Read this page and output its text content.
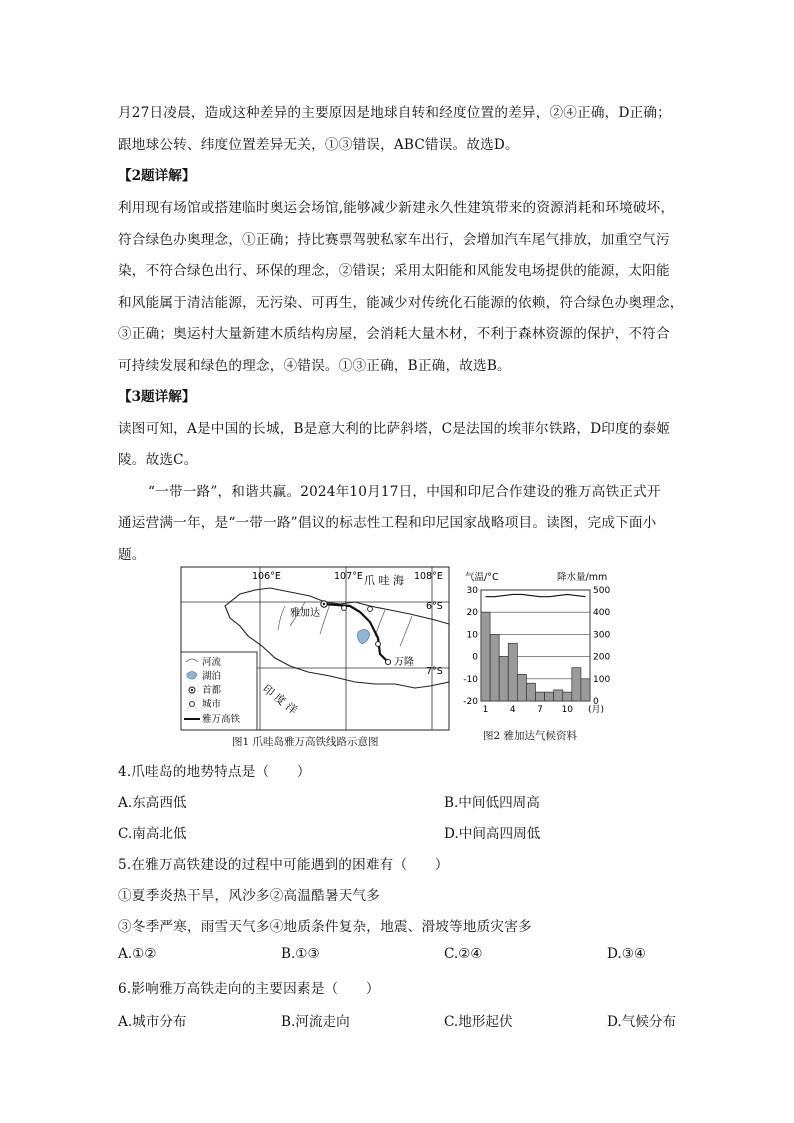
月27日凌晨，造成这种差异的主要原因是地球自转和经度位置的差异，②④正确，D正确；
跟地球公转、纬度位置差异无关，①③错误，ABC错误。故选D。
【2题详解】
利用现有场馆或搭建临时奥运会场馆,能够减少新建永久性建筑带来的资源消耗和环境破坏，
符合绿色办奥理念，①正确；持比赛票驾驶私家车出行，会增加汽车尾气排放，加重空气污
染，不符合绿色出行、环保的理念，②错误；采用太阳能和风能发电场提供的能源，太阳能
和风能属于清洁能源，无污染、可再生，能减少对传统化石能源的依赖，符合绿色办奥理念，
③正确；奥运村大量新建木质结构房屋，会消耗大量木材，不利于森林资源的保护，不符合
可持续发展和绿色的理念，④错误。①③正确，B正确，故选B。
【3题详解】
读图可知，A是中国的长城，B是意大利的比萨斜塔，C是法国的埃菲尔铁路，D印度的泰姬
陵。故选C。
“一带一路”，和谐共赢。2024年10月17日，中国和印尼合作建设的雅万高铁正式开
通运营满一年，是“一带一路”倡议的标志性工程和印尼国家战略项目。读图，完成下面小
题。
106°E	107°E	108°E
6°S
7°S
爪 哇 海
雅加达
万隆
印 度 洋
河流
湖泊
首都
城市
雅万高铁
图1 爪哇岛雅万高铁线路示意图
气温/°C	降水量/mm
30	500
20	400
10	300
0	200
-10	100
-20	0
1 4 7 10 (月)
图2 雅加达气候资料
4.爪哇岛的地势特点是（　　）
A.东高西低	B.中间低四周高
C.南高北低	D.中间高四周低
5.在雅万高铁建设的过程中可能遇到的困难有（　　）
①夏季炎热干旱，风沙多②高温酷暑天气多
③冬季严寒，雨雪天气多④地质条件复杂，地震、滑坡等地质灾害多
A.①②	B.①③	C.②④	D.③④
6.影响雅万高铁走向的主要因素是（　　）
A.城市分布	B.河流走向	C.地形起伏	D.气候分布
